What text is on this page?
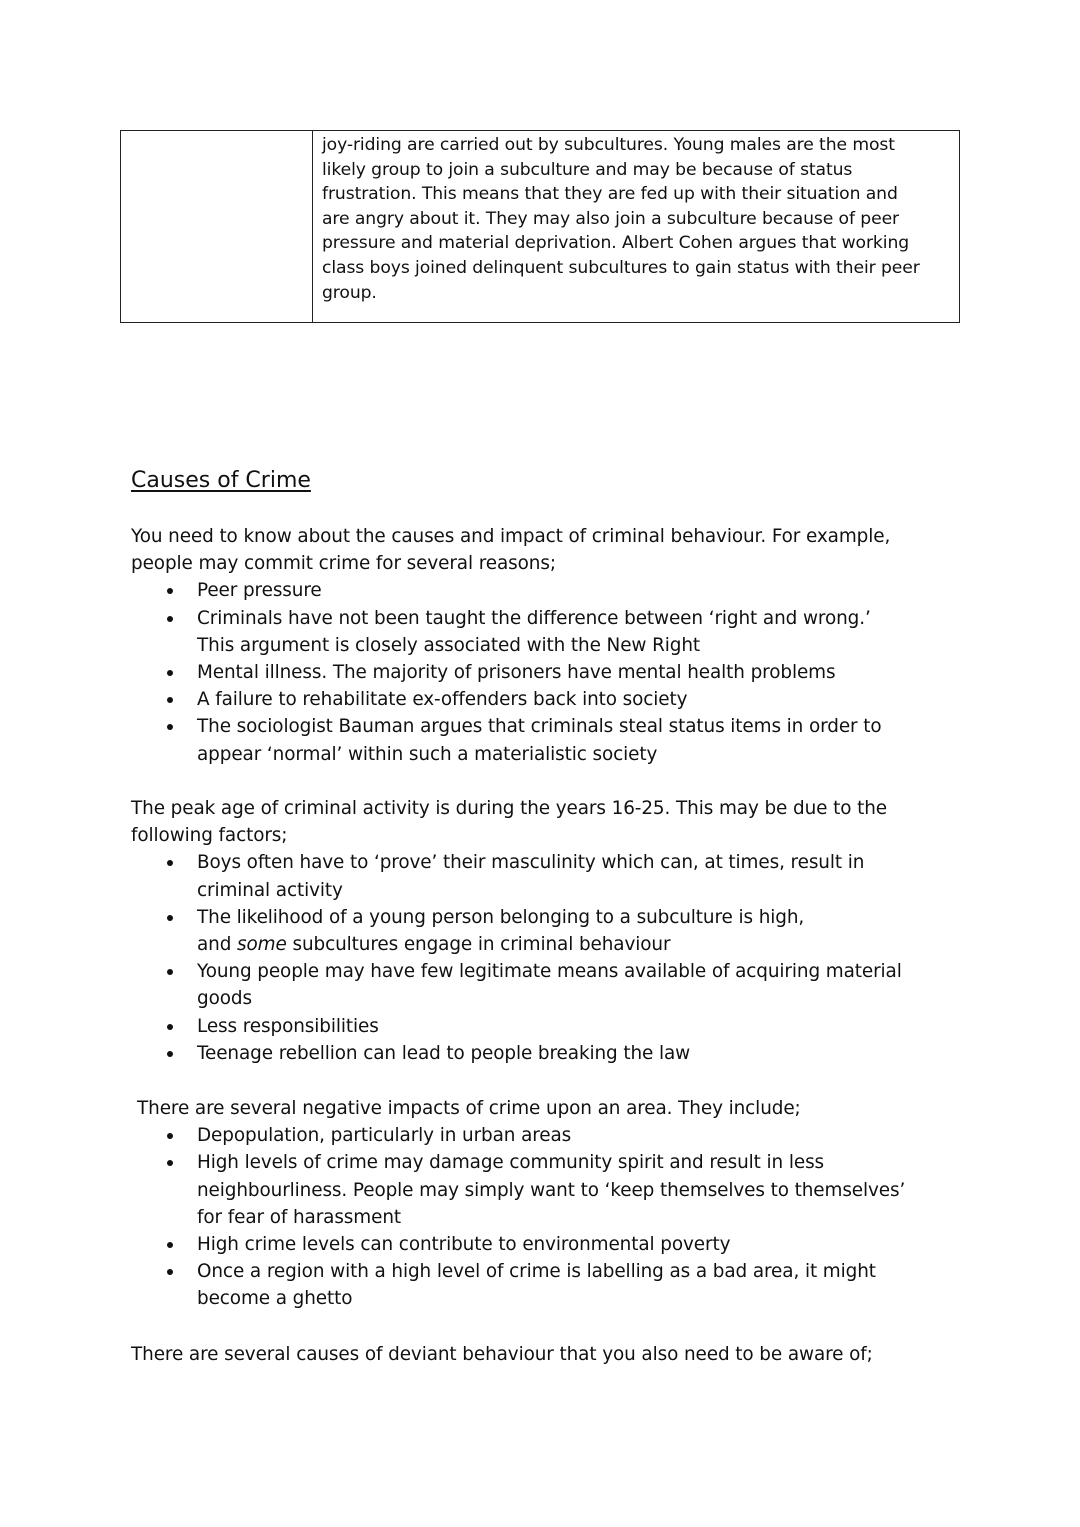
joy-riding are carried out by subcultures. Young males are the most
likely group to join a subculture and may be because of status
frustration. This means that they are fed up with their situation and
are angry about it. They may also join a subculture because of peer
pressure and material deprivation. Albert Cohen argues that working
class boys joined delinquent subcultures to gain status with their peer
group.
Causes of Crime

You need to know about the causes and impact of criminal behaviour. For example,

people may commit crime for several reasons;

Peer pressure
Criminals have not been taught the difference between ‘right and wrong.’
This argument is closely associated with the New Right
Mental illness. The majority of prisoners have mental health problems
A failure to rehabilitate ex-offenders back into society
The sociologist Bauman argues that criminals steal status items in order to
appear ‘normal’ within such a materialistic society

The peak age of criminal activity is during the years 16-25. This may be due to the

following factors;

Boys often have to ‘prove’ their masculinity which can, at times, result in
criminal activity
The likelihood of a young person belonging to a subculture is high,
and some subcultures engage in criminal behaviour
Young people may have few legitimate means available of acquiring material
goods
Less responsibilities
Teenage rebellion can lead to people breaking the law

There are several negative impacts of crime upon an area. They include;

Depopulation, particularly in urban areas
High levels of crime may damage community spirit and result in less
neighbourliness. People may simply want to ‘keep themselves to themselves’
for fear of harassment
High crime levels can contribute to environmental poverty
Once a region with a high level of crime is labelling as a bad area, it might
become a ghetto

There are several causes of deviant behaviour that you also need to be aware of;
